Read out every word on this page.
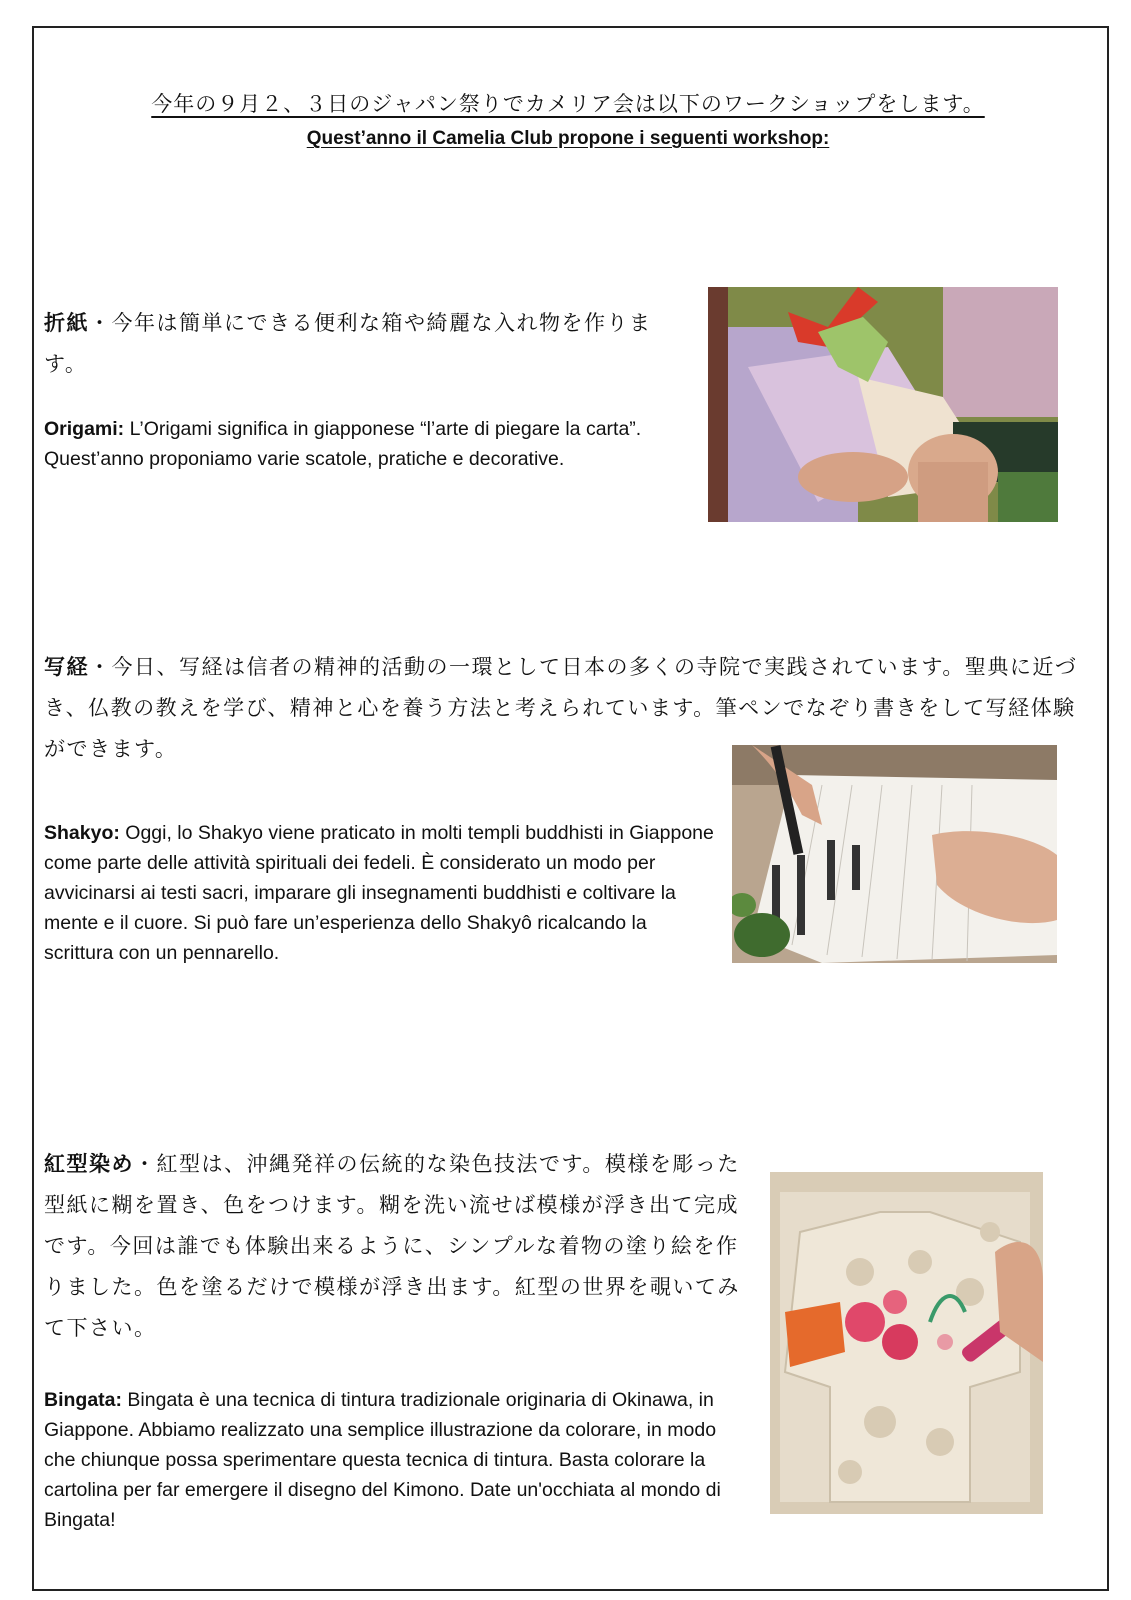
今年の９月２、３日のジャパン祭りでカメリア会は以下のワークショップをします。
Quest’anno il Camelia Club propone i seguenti workshop:
折紙・今年は簡単にできる便利な箱や綺麗な入れ物を作ります。
Origami: L’Origami significa in giapponese “l’arte di piegare la carta”. Quest’anno proponiamo varie scatole, pratiche e decorative.
写経・今日、写経は信者の精神的活動の一環として日本の多くの寺院で実践されています。聖典に近づき、仏教の教えを学び、精神と心を養う方法と考えられています。筆ペンでなぞり書きをして写経体験ができます。
Shakyo: Oggi, lo Shakyo viene praticato in molti templi buddhisti in Giappone come parte delle attività spirituali dei fedeli. È considerato un modo per avvicinarsi ai testi sacri, imparare gli insegnamenti buddhisti e coltivare la mente e il cuore. Si può fare un’esperienza dello Shakyô ricalcando la scrittura con un pennarello.
紅型染め・紅型は、沖縄発祥の伝統的な染色技法です。模様を彫った型紙に糊を置き、色をつけます。糊を洗い流せば模様が浮き出て完成です。今回は誰でも体験出来るように、シンプルな着物の塗り絵を作りました。色を塗るだけで模様が浮き出ます。紅型の世界を覗いてみて下さい。
Bingata: Bingata è una tecnica di tintura tradizionale originaria di Okinawa, in Giappone. Abbiamo realizzato una semplice illustrazione da colorare, in modo che chiunque possa sperimentare questa tecnica di tintura. Basta colorare la cartolina per far emergere il disegno del Kimono. Date un'occhiata al mondo di Bingata!
